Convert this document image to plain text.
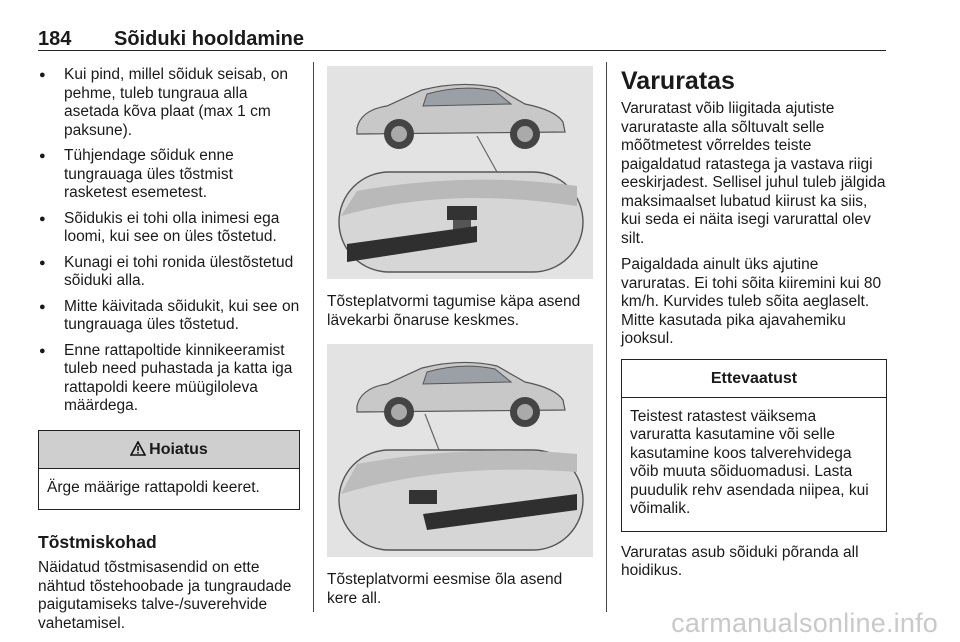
184 Sõiduki hooldamine
● Kui pind, millel sõiduk seisab, on pehme, tuleb tungraua alla asetada kõva plaat (max 1 cm paksune).
● Tühjendage sõiduk enne tungrauaga üles tõstmist rasketest esemetest.
● Sõidukis ei tohi olla inimesi ega loomi, kui see on üles tõstetud.
● Kunagi ei tohi ronida ülestõstetud sõiduki alla.
● Mitte käivitada sõidukit, kui see on tungrauaga üles tõstetud.
● Enne rattapoltide kinnikeeramist tuleb need puhastada ja katta iga rattapoldi keere müügiloleva määrdega.
Hoiatus
Ärge määrige rattapoldi keeret.
Tõstmiskohad
Näidatud tõstmisasendid on ette nähtud tõstehoobade ja tungraudade paigutamiseks talve-/suverehvide vahetamisel.
Tõsteplatvormi tagumise käpa asend lävekarbi õnaruse keskmes.
Tõsteplatvormi eesmise õla asend kere all.
Varuratas
Varuratast võib liigitada ajutiste varurataste alla sõltuvalt selle mõõtmetest võrreldes teiste paigaldatud ratastega ja vastava riigi eeskirjadest. Sellisel juhul tuleb jälgida maksimaalset lubatud kiirust ka siis, kui seda ei näita isegi varurattal olev silt.
Paigaldada ainult üks ajutine varuratas. Ei tohi sõita kiiremini kui 80 km/h. Kurvides tuleb sõita aeglaselt. Mitte kasutada pika ajavahemiku jooksul.
Ettevaatust
Teistest ratastest väiksema varuratta kasutamine või selle kasutamine koos talverehvidega võib muuta sõiduomadusi. Lasta puudulik rehv asendada niipea, kui võimalik.
Varuratas asub sõiduki põranda all hoidikus.
carmanualsonline.info
